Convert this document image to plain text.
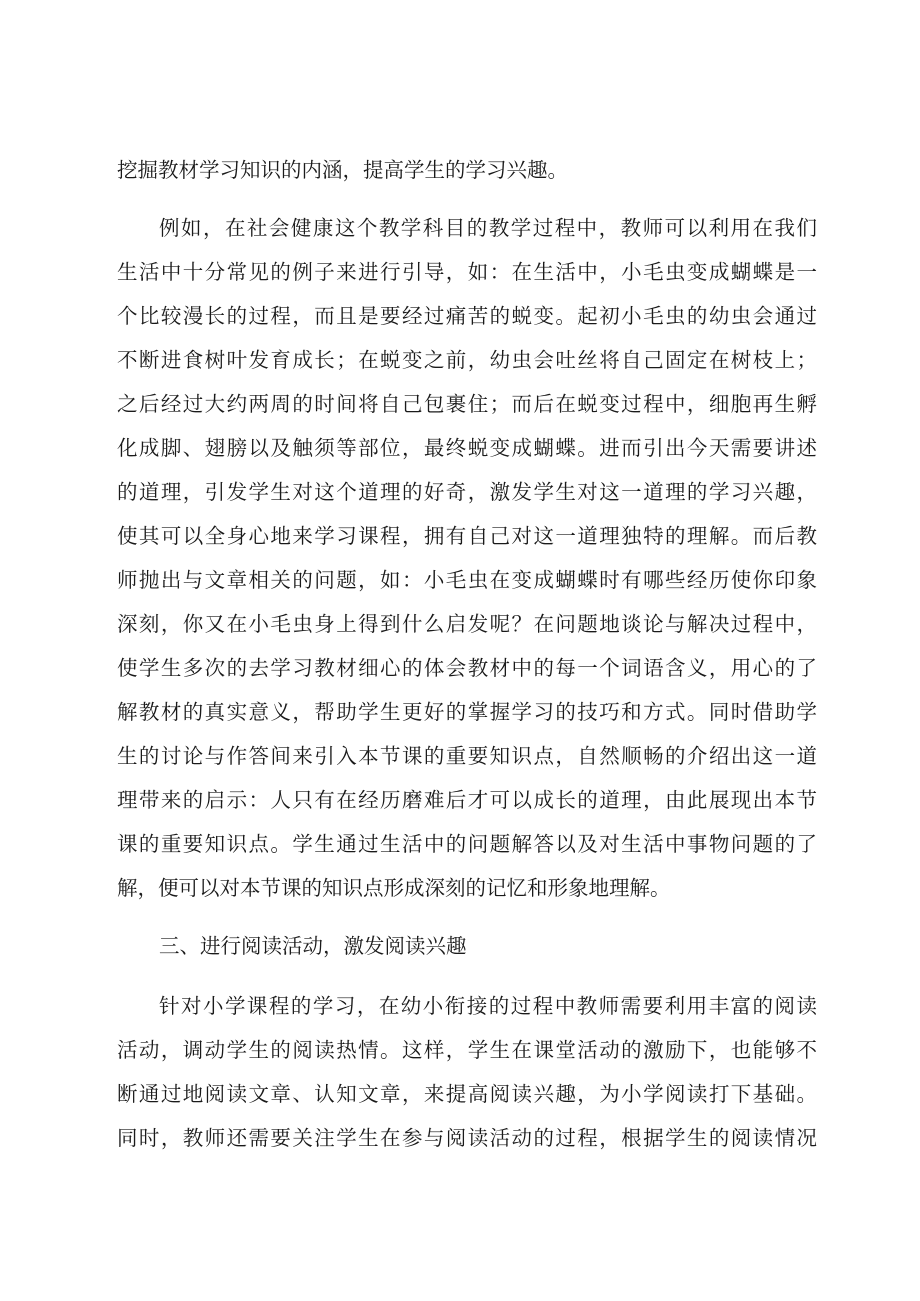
挖掘教材学习知识的内涵，提高学生的学习兴趣。

例如，在社会健康这个教学科目的教学过程中，教师可以利用在我们

生活中十分常见的例子来进行引导，如：在生活中，小毛虫变成蝴蝶是一

个比较漫长的过程，而且是要经过痛苦的蜕变。起初小毛虫的幼虫会通过

不断进食树叶发育成长；在蜕变之前，幼虫会吐丝将自己固定在树枝上；

之后经过大约两周的时间将自己包裹住；而后在蜕变过程中，细胞再生孵

化成脚、翅膀以及触须等部位，最终蜕变成蝴蝶。进而引出今天需要讲述

的道理，引发学生对这个道理的好奇，激发学生对这一道理的学习兴趣，

使其可以全身心地来学习课程，拥有自己对这一道理独特的理解。而后教

师抛出与文章相关的问题，如：小毛虫在变成蝴蝶时有哪些经历使你印象

深刻，你又在小毛虫身上得到什么启发呢？在问题地谈论与解决过程中，

使学生多次的去学习教材细心的体会教材中的每一个词语含义，用心的了

解教材的真实意义，帮助学生更好的掌握学习的技巧和方式。同时借助学

生的讨论与作答间来引入本节课的重要知识点，自然顺畅的介绍出这一道

理带来的启示：人只有在经历磨难后才可以成长的道理，由此展现出本节

课的重要知识点。学生通过生活中的问题解答以及对生活中事物问题的了

解，便可以对本节课的知识点形成深刻的记忆和形象地理解。

三、进行阅读活动，激发阅读兴趣

针对小学课程的学习，在幼小衔接的过程中教师需要利用丰富的阅读

活动，调动学生的阅读热情。这样，学生在课堂活动的激励下，也能够不

断通过地阅读文章、认知文章，来提高阅读兴趣，为小学阅读打下基础。

同时，教师还需要关注学生在参与阅读活动的过程，根据学生的阅读情况
